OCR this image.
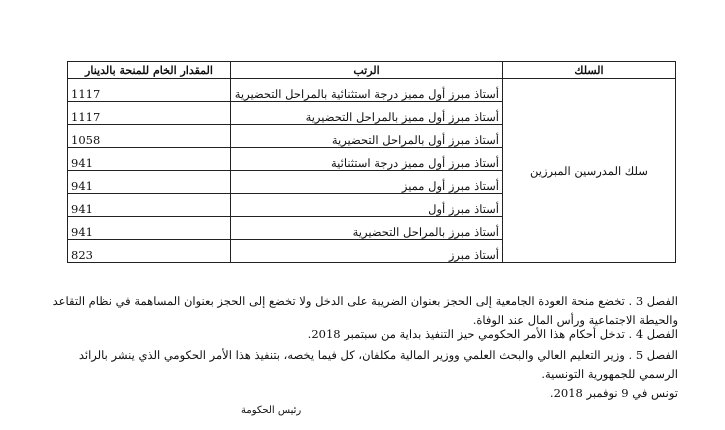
المقدار الخام للمنحة بالدينار	الرتب	السلك
1117	أستاذ مبرز أول مميز درجة استثنائية بالمراحل التحضيرية	سلك المدرسين المبرزين
1117	أستاذ مبرز أول مميز بالمراحل التحضيرية	
1058	أستاذ مبرز أول بالمراحل التحضيرية	
941	أستاذ مبرز أول مميز درجة استثنائية	
941	أستاذ مبرز أول مميز	
941	أستاذ مبرز أول	
941	أستاذ مبرز بالمراحل التحضيرية	
823	أستاذ مبرز	
الفصل 3 . تخضع منحة العودة الجامعية إلى الحجز بعنوان الضريبة على الدخل ولا تخضع إلى الحجز بعنوان المساهمة في نظام التقاعد والحيطة الاجتماعية ورأس المال عند الوفاة.
الفصل 4 . تدخل أحكام هذا الأمر الحكومي حيز التنفيذ بداية من سبتمبر 2018.
الفصل 5 . وزير التعليم العالي والبحث العلمي ووزير المالية مكلفان، كل فيما يخصه، بتنفيذ هذا الأمر الحكومي الذي ينشر بالرائد الرسمي للجمهورية التونسية.
تونس في 9 نوفمبر 2018.
رئيس الحكومة
